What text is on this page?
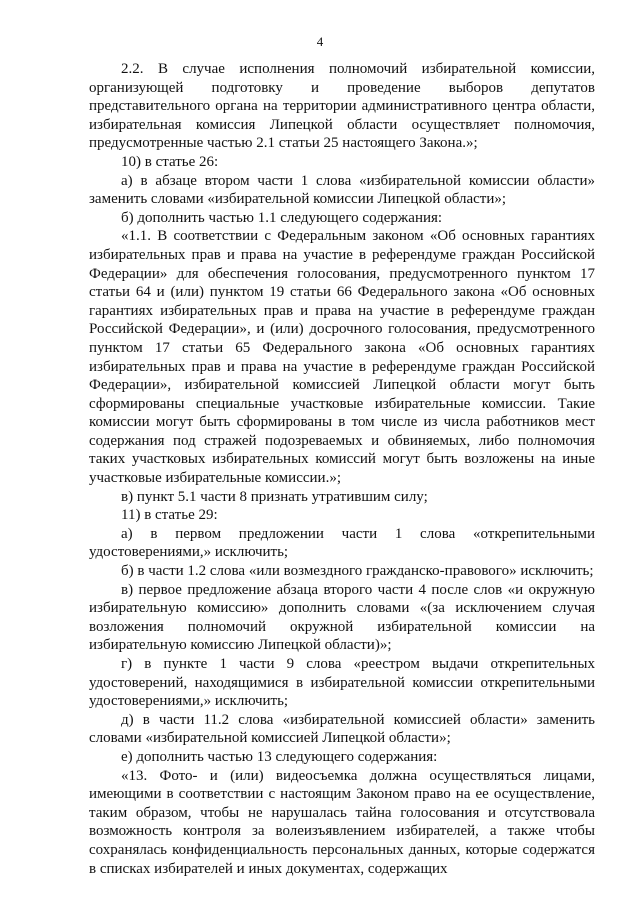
4

2.2. В случае исполнения полномочий избирательной комиссии, организующей подготовку и проведение выборов депутатов представительного органа на территории административного центра области, избирательная комиссия Липецкой области осуществляет полномочия, предусмотренные частью 2.1 статьи 25 настоящего Закона.»;

10) в статье 26:

а) в абзаце втором части 1 слова «избирательной комиссии области» заменить словами «избирательной комиссии Липецкой области»;

б) дополнить частью 1.1 следующего содержания:

«1.1. В соответствии с Федеральным законом «Об основных гарантиях избирательных прав и права на участие в референдуме граждан Российской Федерации» для обеспечения голосования, предусмотренного пунктом 17 статьи 64 и (или) пунктом 19 статьи 66 Федерального закона «Об основных гарантиях избирательных прав и права на участие в референдуме граждан Российской Федерации», и (или) досрочного голосования, предусмотренного пунктом 17 статьи 65 Федерального закона «Об основных гарантиях избирательных прав и права на участие в референдуме граждан Российской Федерации», избирательной комиссией Липецкой области могут быть сформированы специальные участковые избирательные комиссии. Такие комиссии могут быть сформированы в том числе из числа работников мест содержания под стражей подозреваемых и обвиняемых, либо полномочия таких участковых избирательных комиссий могут быть возложены на иные участковые избирательные комиссии.»;

в) пункт 5.1 части 8 признать утратившим силу;

11) в статье 29:

а) в первом предложении части 1 слова «открепительными удостоверениями,» исключить;

б) в части 1.2 слова «или возмездного гражданско-правового» исключить;

в) первое предложение абзаца второго части 4 после слов «и окружную избирательную комиссию» дополнить словами «(за исключением случая возложения полномочий окружной избирательной комиссии на избирательную комиссию Липецкой области)»;

г) в пункте 1 части 9 слова «реестром выдачи открепительных удостоверений, находящимися в избирательной комиссии открепительными удостоверениями,» исключить;

д) в части 11.2 слова «избирательной комиссией области» заменить словами «избирательной комиссией Липецкой области»;

е) дополнить частью 13 следующего содержания:

«13. Фото- и (или) видеосъемка должна осуществляться лицами, имеющими в соответствии с настоящим Законом право на ее осуществление, таким образом, чтобы не нарушалась тайна голосования и отсутствовала возможность контроля за волеизъявлением избирателей, а также чтобы сохранялась конфиденциальность персональных данных, которые содержатся в списках избирателей и иных документах, содержащих
